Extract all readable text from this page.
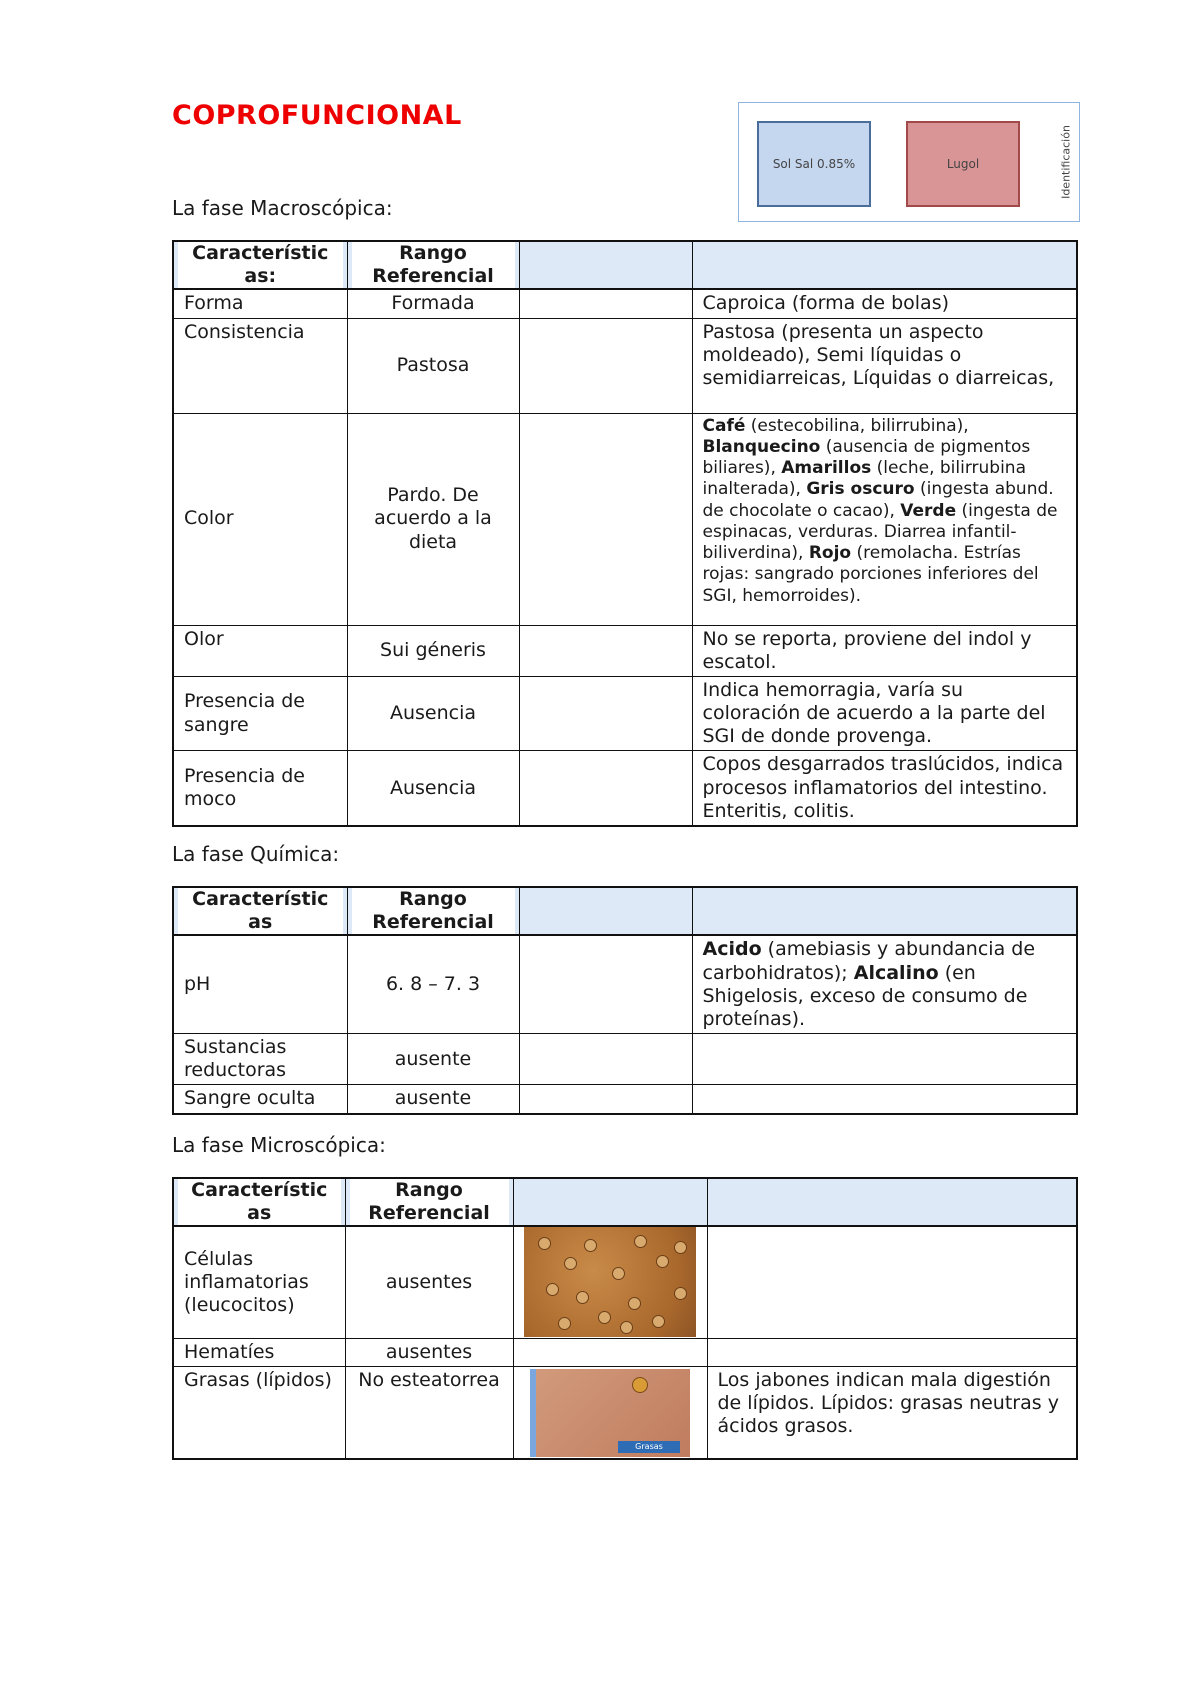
COPROFUNCIONAL
Sol Sal 0.85%	Lugol	Identificación
La fase Macroscópica:
Característic as:	Rango Referencial		
Forma	Formada		Caproica (forma de bolas)
Consistencia	Pastosa		Pastosa (presenta un aspecto moldeado), Semi líquidas o semidiarreicas, Líquidas o diarreicas,
Color	Pardo. De acuerdo a la dieta		Café (estecobilina, bilirrubina), Blanquecino (ausencia de pigmentos biliares), Amarillos (leche, bilirrubina inalterada), Gris oscuro (ingesta abund. de chocolate o cacao), Verde (ingesta de espinacas, verduras. Diarrea infantil-biliverdina), Rojo (remolacha. Estrías rojas: sangrado porciones inferiores del SGI, hemorroides).
Olor	Sui géneris		No se reporta, proviene del indol y escatol.
Presencia de sangre	Ausencia		Indica hemorragia, varía su coloración de acuerdo a la parte del SGI de donde provenga.
Presencia de moco	Ausencia		Copos desgarrados traslúcidos, indica procesos inflamatorios del intestino. Enteritis, colitis.
La fase Química:
Característic as	Rango Referencial		
pH	6. 8 – 7. 3		Acido (amebiasis y abundancia de carbohidratos); Alcalino (en Shigelosis, exceso de consumo de proteínas).
Sustancias reductoras	ausente		
Sangre oculta	ausente		
La fase Microscópica:
Característic as	Rango Referencial		
Células inflamatorias (leucocitos)	ausentes	

Hematíes	ausentes		
Grasas (lípidos)	No esteatorrea	Grasas	Los jabones indican mala digestión de lípidos. Lípidos: grasas neutras y ácidos grasos.
